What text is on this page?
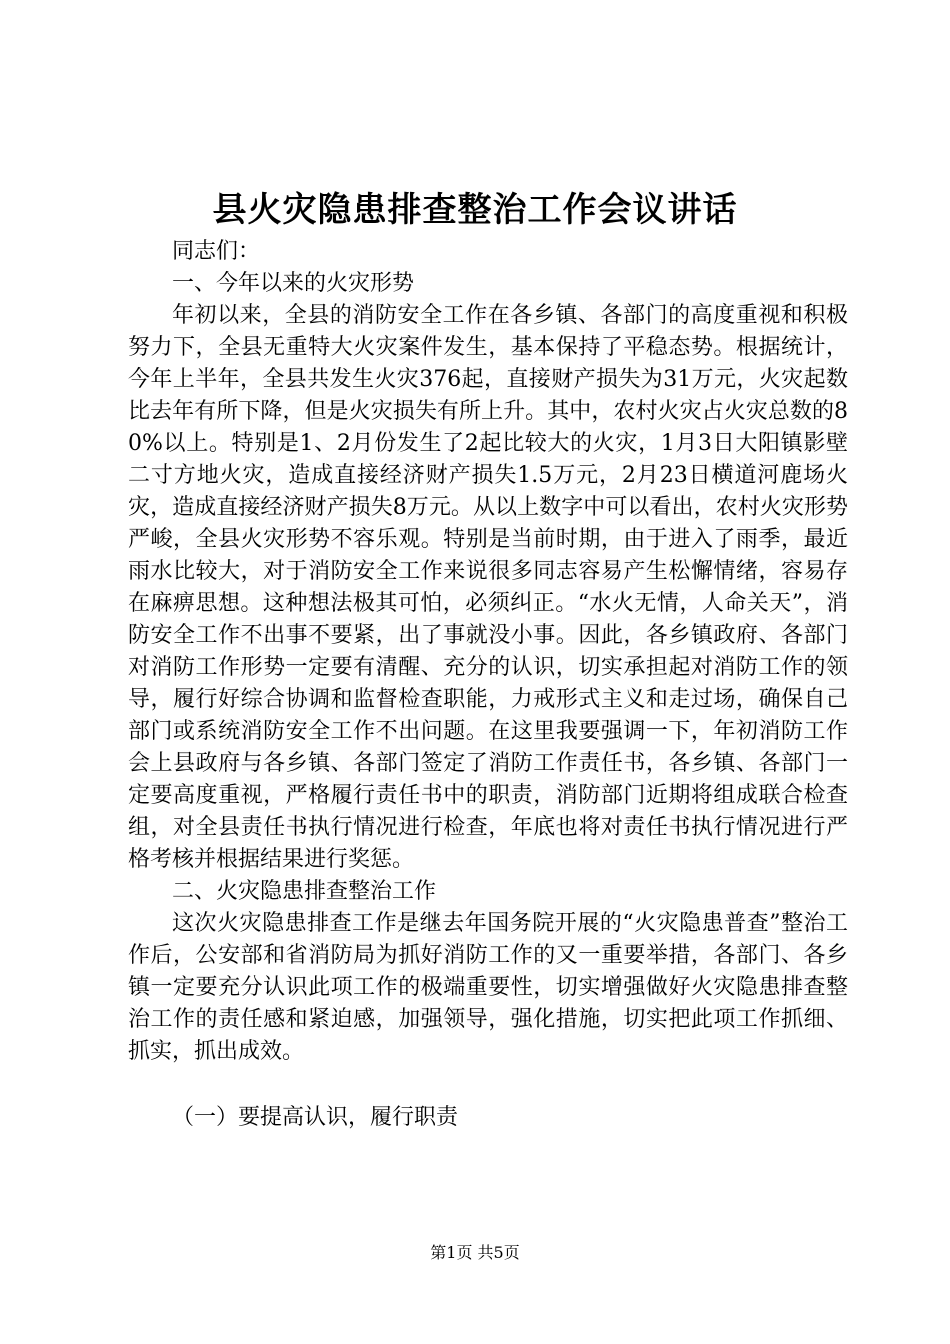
县火灾隐患排查整治工作会议讲话

同志们：

一、今年以来的火灾形势

年初以来，全县的消防安全工作在各乡镇、各部门的高度重视和积极努力下，全县无重特大火灾案件发生，基本保持了平稳态势。根据统计，今年上半年，全县共发生火灾376起，直接财产损失为31万元，火灾起数比去年有所下降，但是火灾损失有所上升。其中，农村火灾占火灾总数的80%以上。特别是1、2月份发生了2起比较大的火灾，1月3日大阳镇影壁二寸方地火灾，造成直接经济财产损失1.5万元，2月23日横道河鹿场火灾，造成直接经济财产损失8万元。从以上数字中可以看出，农村火灾形势严峻，全县火灾形势不容乐观。特别是当前时期，由于进入了雨季，最近雨水比较大，对于消防安全工作来说很多同志容易产生松懈情绪，容易存在麻痹思想。这种想法极其可怕，必须纠正。“水火无情，人命关天”，消防安全工作不出事不要紧，出了事就没小事。因此，各乡镇政府、各部门对消防工作形势一定要有清醒、充分的认识，切实承担起对消防工作的领导，履行好综合协调和监督检查职能，力戒形式主义和走过场，确保自己部门或系统消防安全工作不出问题。在这里我要强调一下，年初消防工作会上县政府与各乡镇、各部门签定了消防工作责任书，各乡镇、各部门一定要高度重视，严格履行责任书中的职责，消防部门近期将组成联合检查组，对全县责任书执行情况进行检查，年底也将对责任书执行情况进行严格考核并根据结果进行奖惩。

二、火灾隐患排查整治工作

这次火灾隐患排查工作是继去年国务院开展的“火灾隐患普查”整治工作后，公安部和省消防局为抓好消防工作的又一重要举措，各部门、各乡镇一定要充分认识此项工作的极端重要性，切实增强做好火灾隐患排查整治工作的责任感和紧迫感，加强领导，强化措施，切实把此项工作抓细、抓实，抓出成效。

（一）要提高认识，履行职责

第1页 共5页
